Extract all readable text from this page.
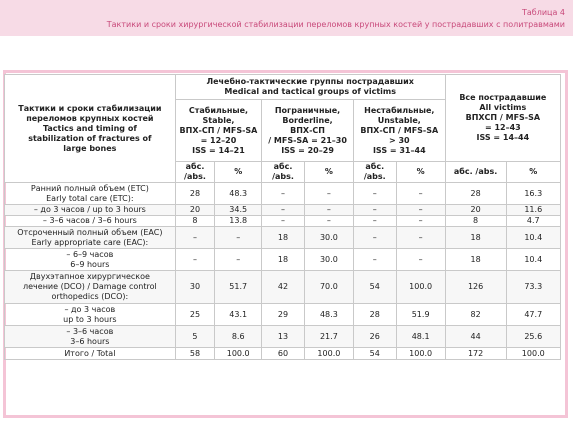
Таблица 4
Тактики и сроки хирургической стабилизации переломов крупных костей у пострадавших с политравмами
Тактики и сроки стабилизации
переломов крупных костей
Tactics and timing of
stabilization of fractures of
large bones	Лечебно-тактические группы пострадавших
Medical and tactical groups of victims						Все пострадавшие
All victims
ВПХСП / MFS-SA
= 12–43
ISS = 14–44	

	Стабильные,
Stable,
ВПХ-СП / MFS-SA
= 12–20
ISS = 14–21		Пограничные,
Borderline,
ВПХ-СП
/ MFS-SA = 21–30
ISS = 20–29		Нестабильные,
Unstable,
ВПХ-СП / MFS-SA
> 30
ISS = 31–44			

	абс. /abs.	%	абс. /abs.	%	абс. /abs.	%	абс. /abs.	%

Ранний полный объем (ETC)
Early total care (ETC):	28	48.3	–	–	–	–	28	16.3

– до 3 часов / up to 3 hours	20	34.5	–	–	–	–	20	11.6

– 3–6 часов / 3–6 hours	8	13.8	–	–	–	–	8	4.7

Отсроченный полный объем (EAC)
Early appropriate care (EAC):	–	–	18	30.0	–	–	18	10.4

– 6–9 часов
6–9 hours	–	–	18	30.0	–	–	18	10.4

Двухэтапное хирургическое
лечение (DCO) / Damage control
orthopedics (DCO):	30	51.7	42	70.0	54	100.0	126	73.3

– до 3 часов
up to 3 hours	25	43.1	29	48.3	28	51.9	82	47.7

– 3–6 часов
3–6 hours	5	8.6	13	21.7	26	48.1	44	25.6

Итого / Total	58	100.0	60	100.0	54	100.0	172	100.0
